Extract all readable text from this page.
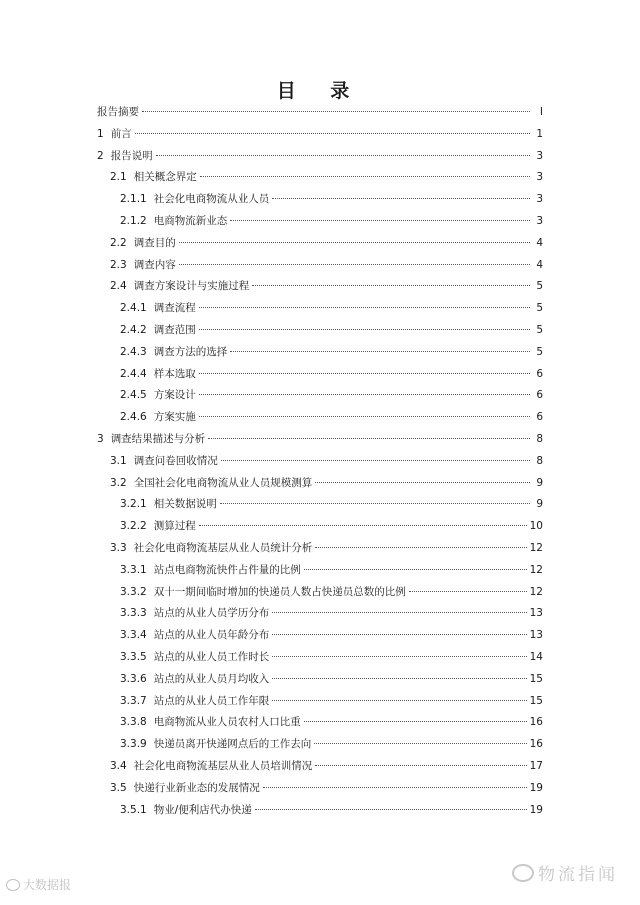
目 录
报告摘要	I
1 前言	1
2 报告说明	3
2.1 相关概念界定	3
2.1.1 社会化电商物流从业人员	3
2.1.2 电商物流新业态	3
2.2 调查目的	4
2.3 调查内容	4
2.4 调查方案设计与实施过程	5
2.4.1 调查流程	5
2.4.2 调查范围	5
2.4.3 调查方法的选择	5
2.4.4 样本选取	6
2.4.5 方案设计	6
2.4.6 方案实施	6
3 调查结果描述与分析	8
3.1 调查问卷回收情况	8
3.2 全国社会化电商物流从业人员规模测算	9
3.2.1 相关数据说明	9
3.2.2 测算过程	10
3.3 社会化电商物流基层从业人员统计分析	12
3.3.1 站点电商物流快件占件量的比例	12
3.3.2 双十一期间临时增加的快递员人数占快递员总数的比例	12
3.3.3 站点的从业人员学历分布	13
3.3.4 站点的从业人员年龄分布	13
3.3.5 站点的从业人员工作时长	14
3.3.6 站点的从业人员月均收入	15
3.3.7 站点的从业人员工作年限	15
3.3.8 电商物流从业人员农村人口比重	16
3.3.9 快递员离开快递网点后的工作去向	16
3.4 社会化电商物流基层从业人员培训情况	17
3.5 快递行业新业态的发展情况	19
3.5.1 物业/便利店代办快递	19
大数据报	物流指闻
